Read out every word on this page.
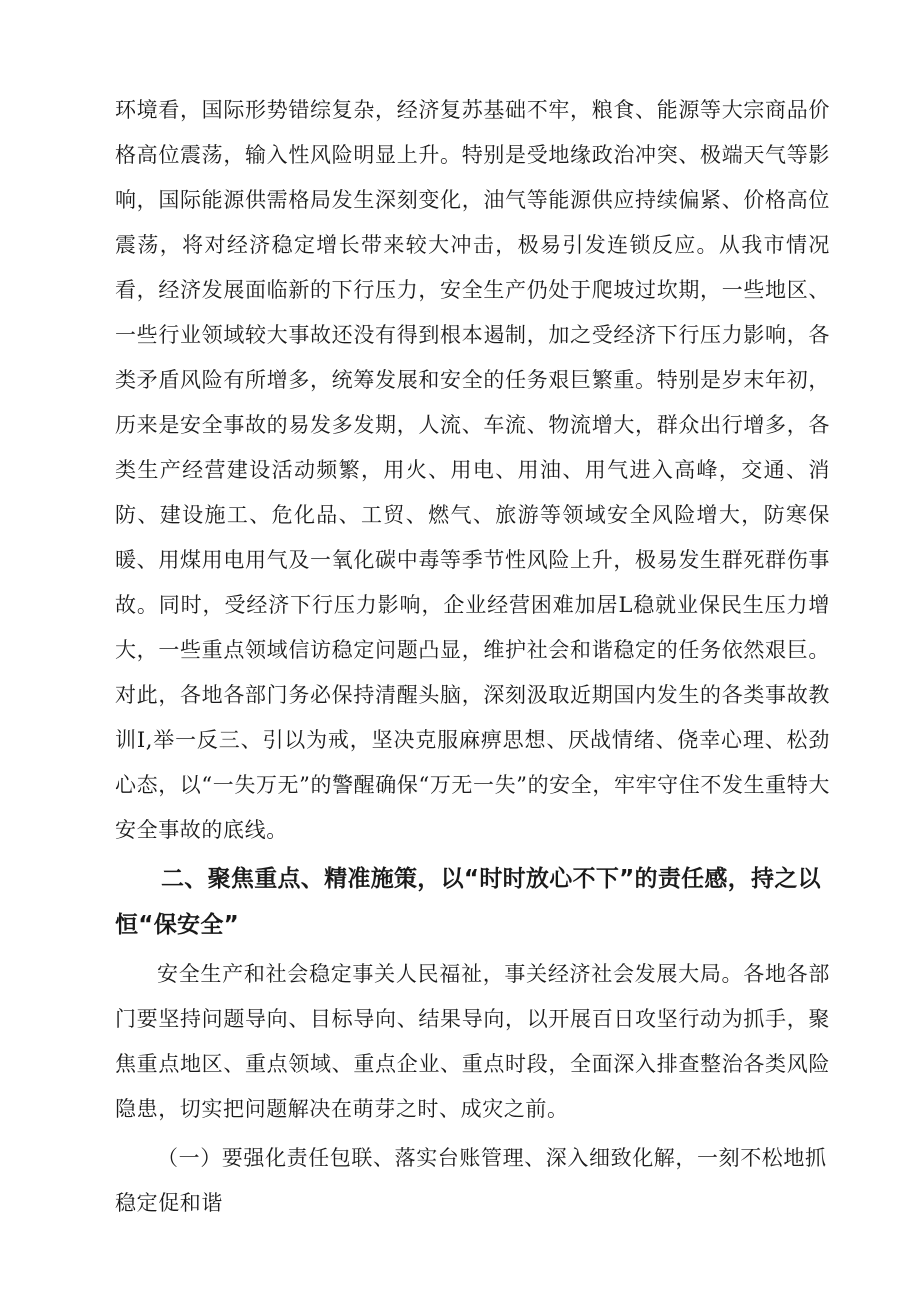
环境看，国际形势错综复杂，经济复苏基础不牢，粮食、能源等大宗商品价格高位震荡，输入性风险明显上升。特别是受地缘政治冲突、极端天气等影响，国际能源供需格局发生深刻变化，油气等能源供应持续偏紧、价格高位震荡，将对经济稳定增长带来较大冲击，极易引发连锁反应。从我市情况看，经济发展面临新的下行压力，安全生产仍处于爬坡过坎期，一些地区、一些行业领域较大事故还没有得到根本遏制，加之受经济下行压力影响，各类矛盾风险有所增多，统筹发展和安全的任务艰巨繁重。特别是岁末年初，历来是安全事故的易发多发期，人流、车流、物流增大，群众出行增多，各类生产经营建设活动频繁，用火、用电、用油、用气进入高峰，交通、消防、建设施工、危化品、工贸、燃气、旅游等领域安全风险增大，防寒保暖、用煤用电用气及一氧化碳中毒等季节性风险上升，极易发生群死群伤事故。同时，受经济下行压力影响，企业经营困难加居L稳就业保民生压力增大，一些重点领域信访稳定问题凸显，维护社会和谐稳定的任务依然艰巨。对此，各地各部门务必保持清醒头脑，深刻汲取近期国内发生的各类事故教训I,举一反三、引以为戒，坚决克服麻痹思想、厌战情绪、侥幸心理、松劲心态，以“一失万无”的警醒确保“万无一失”的安全，牢牢守住不发生重特大安全事故的底线。

二、聚焦重点、精准施策，以“时时放心不下”的责任感，持之以恒“保安全”

安全生产和社会稳定事关人民福祉，事关经济社会发展大局。各地各部门要坚持问题导向、目标导向、结果导向，以开展百日攻坚行动为抓手，聚焦重点地区、重点领域、重点企业、重点时段，全面深入排查整治各类风险隐患，切实把问题解决在萌芽之时、成灾之前。

（一）要强化责任包联、落实台账管理、深入细致化解，一刻不松地抓稳定促和谐
